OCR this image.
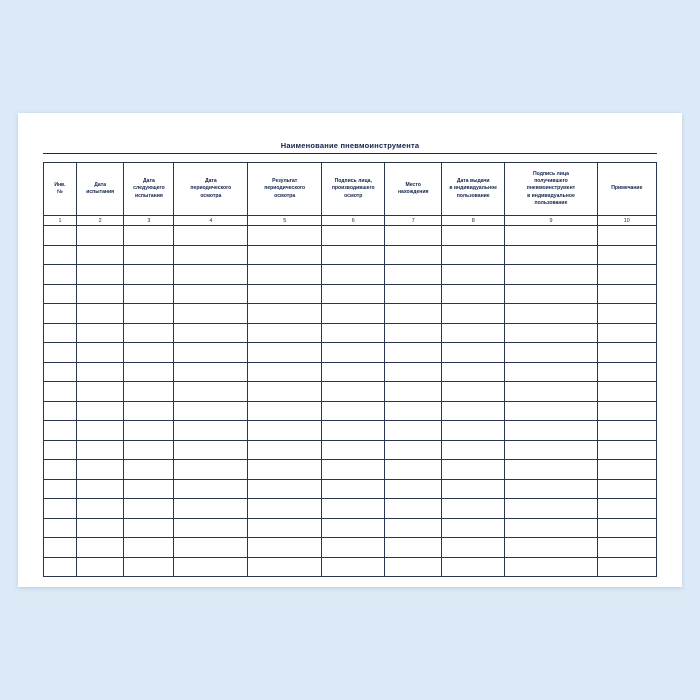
Наименование пневмоинструмента
Инв.
№	Дата
испытания	Дата
следующего
испытания	Дата
периодического
осмотра	Результат
периодического
осмотра	Подпись лица,
производившего
осмотр	Место
нахождения	Дата выдачи
в индивидуальное
пользование	Подпись лица
получившего
пневмоинструмент
в индивидуальное
пользование	Примечание
1	2	3	4	5	6	7	8	9	10
